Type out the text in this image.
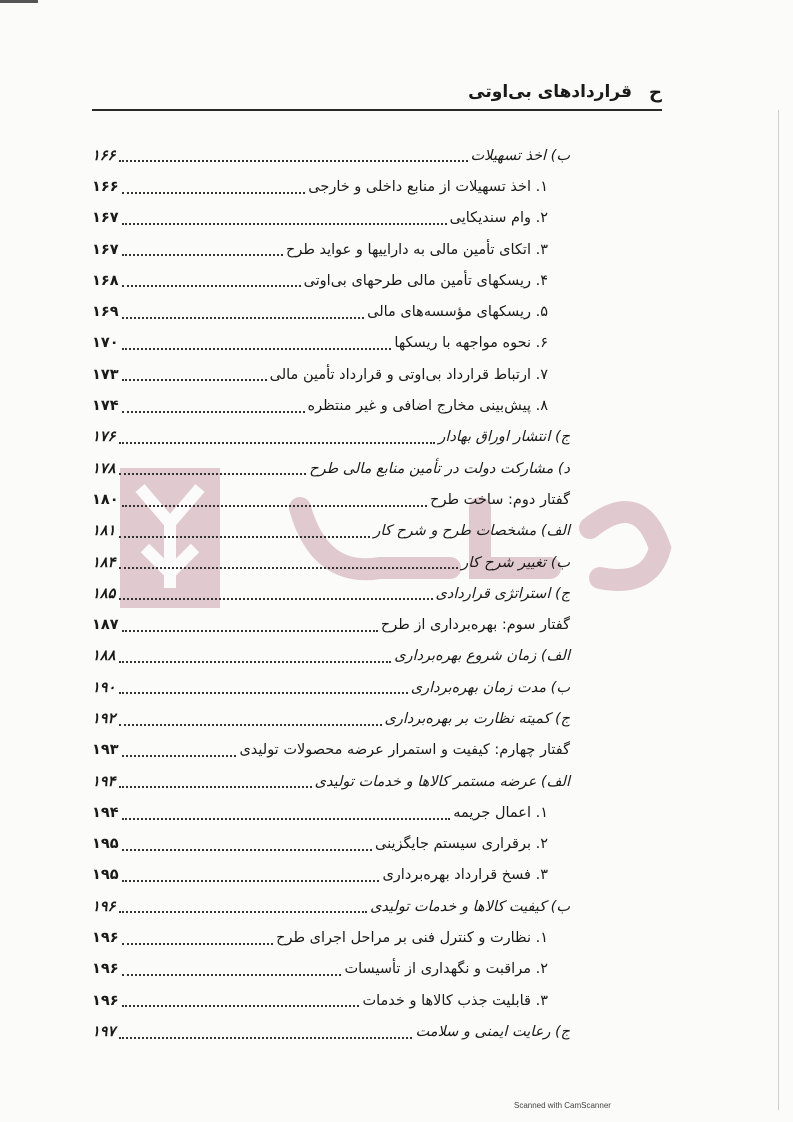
ح
قراردادهای بی‌اوتی
ب) اخذ تسهیلات
۱۶۶
۱. اخذ تسهیلات از منابع داخلی و خارجی
۱۶۶
۲. وام سندیکایی
۱۶۷
۳. اتکای تأمین مالی به داراییها و عواید طرح
۱۶۷
۴. ریسکهای تأمین مالی طرحهای بی‌اوتی
۱۶۸
۵. ریسکهای مؤسسه‌های مالی
۱۶۹
۶. نحوه مواجهه با ریسکها
۱۷۰
۷. ارتباط قرارداد بی‌اوتی و قرارداد تأمین مالی
۱۷۳
۸. پیش‌بینی مخارج اضافی و غیر منتظره
۱۷۴
ج) انتشار اوراق بهادار
۱۷۶
د) مشارکت دولت در تأمین منابع مالی طرح
۱۷۸
گفتار دوم: ساخت طرح
۱۸۰
الف) مشخصات طرح و شرح کار
۱۸۱
ب) تغییر شرح کار
۱۸۴
ج) استراتژی قراردادی
۱۸۵
گفتار سوم: بهره‌برداری از طرح
۱۸۷
الف) زمان شروع بهره‌برداری
۱۸۸
ب) مدت زمان بهره‌برداری
۱۹۰
ج) کمیته نظارت بر بهره‌برداری
۱۹۲
گفتار چهارم: کیفیت و استمرار عرضه محصولات تولیدی
۱۹۳
الف) عرضه مستمر کالاها و خدمات تولیدی
۱۹۴
۱. اعمال جریمه
۱۹۴
۲. برقراری سیستم جایگزینی
۱۹۵
۳. فسخ قرارداد بهره‌برداری
۱۹۵
ب) کیفیت کالاها و خدمات تولیدی
۱۹۶
۱. نظارت و کنترل فنی بر مراحل اجرای طرح
۱۹۶
۲. مراقبت و نگهداری از تأسیسات
۱۹۶
۳. قابلیت جذب کالاها و خدمات
۱۹۶
ج) رعایت ایمنی و سلامت
۱۹۷
Scanned with CamScanner
